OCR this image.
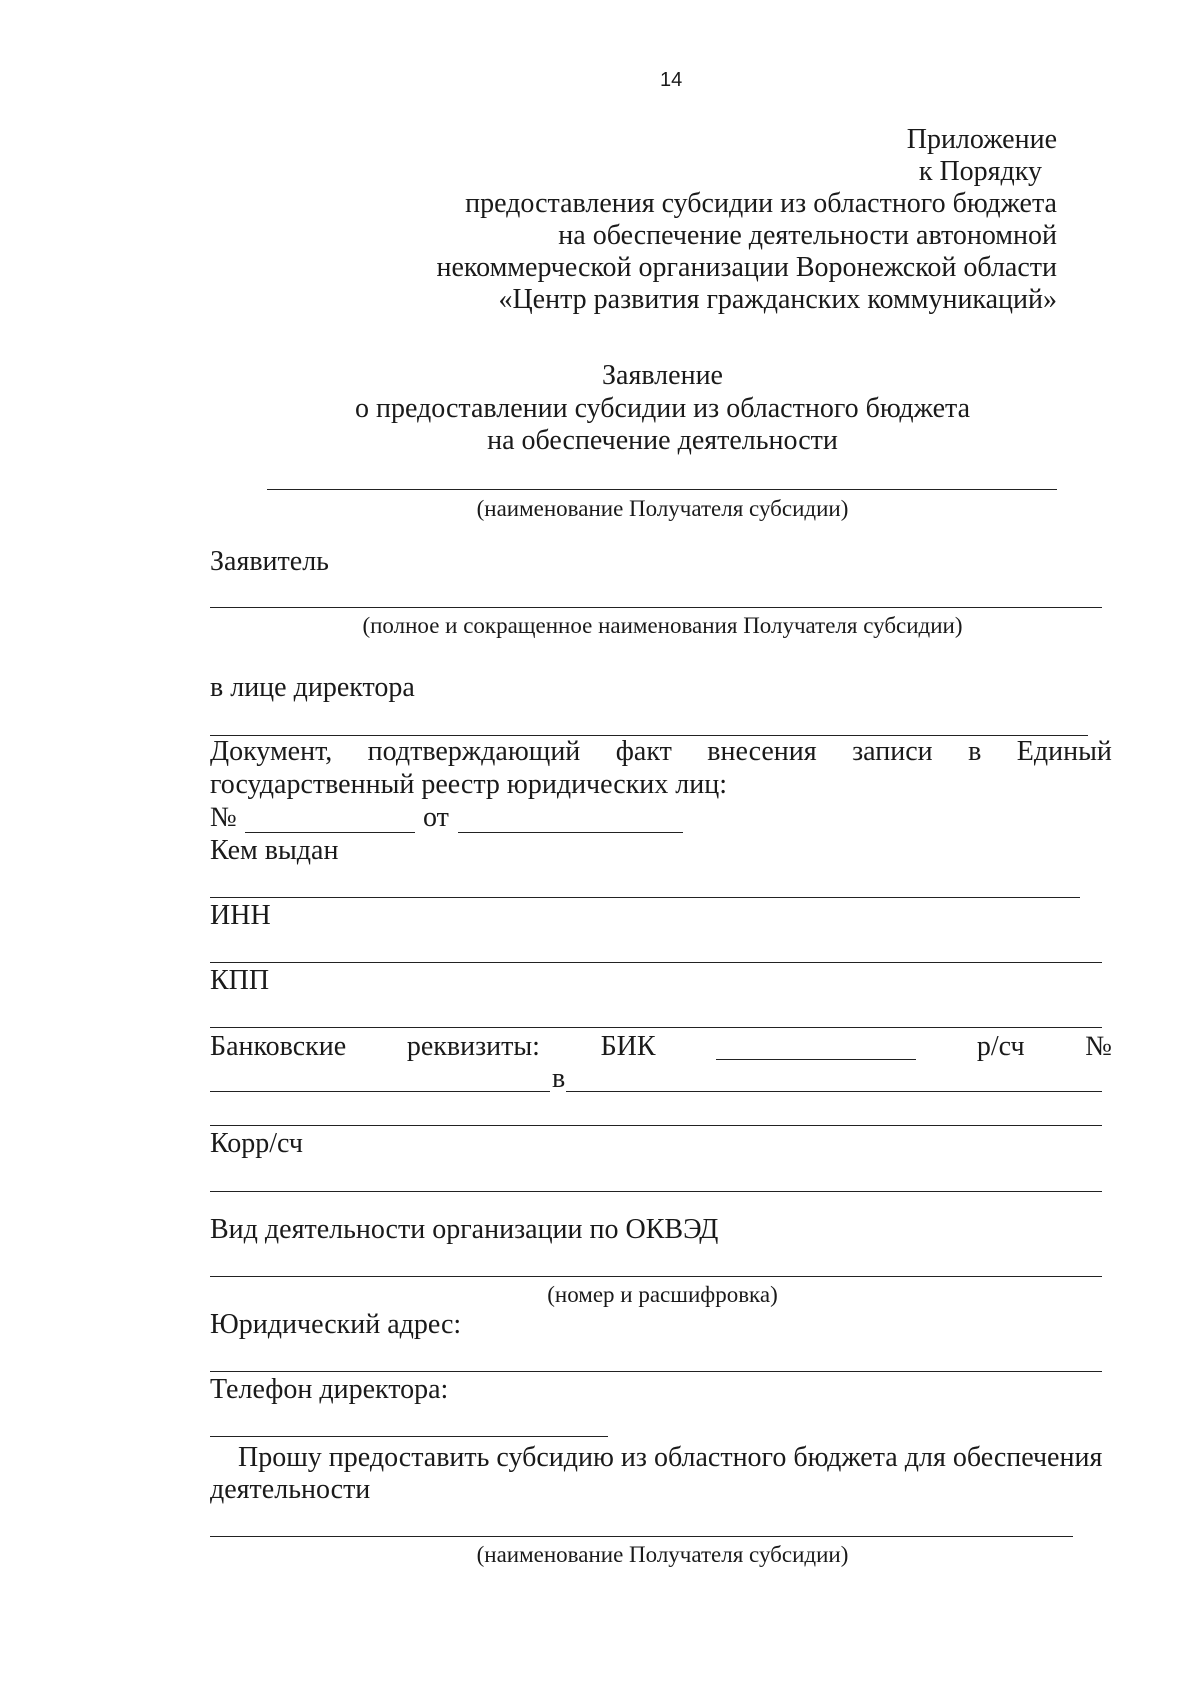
14
Приложение
к Порядку
предоставления субсидии из областного бюджета
на обеспечение деятельности автономной
некоммерческой организации Воронежской области
«Центр развития гражданских коммуникаций»
Заявление
о предоставлении субсидии из областного бюджета
на обеспечение деятельности
(наименование Получателя субсидии)
Заявитель
(полное и сокращенное наименования Получателя субсидии)
в лице директора
Документ, подтверждающий факт внесения записи в Единый
государственный реестр юридических лиц:
№	от
Кем выдан
ИНН
КПП
Банковские реквизиты: БИК	р/сч №
в
Корр/сч
Вид деятельности организации по ОКВЭД
(номер и расшифровка)
Юридический адрес:
Телефон директора:
Прошу предоставить субсидию из областного бюджета для обеспечения
деятельности
(наименование Получателя субсидии)
